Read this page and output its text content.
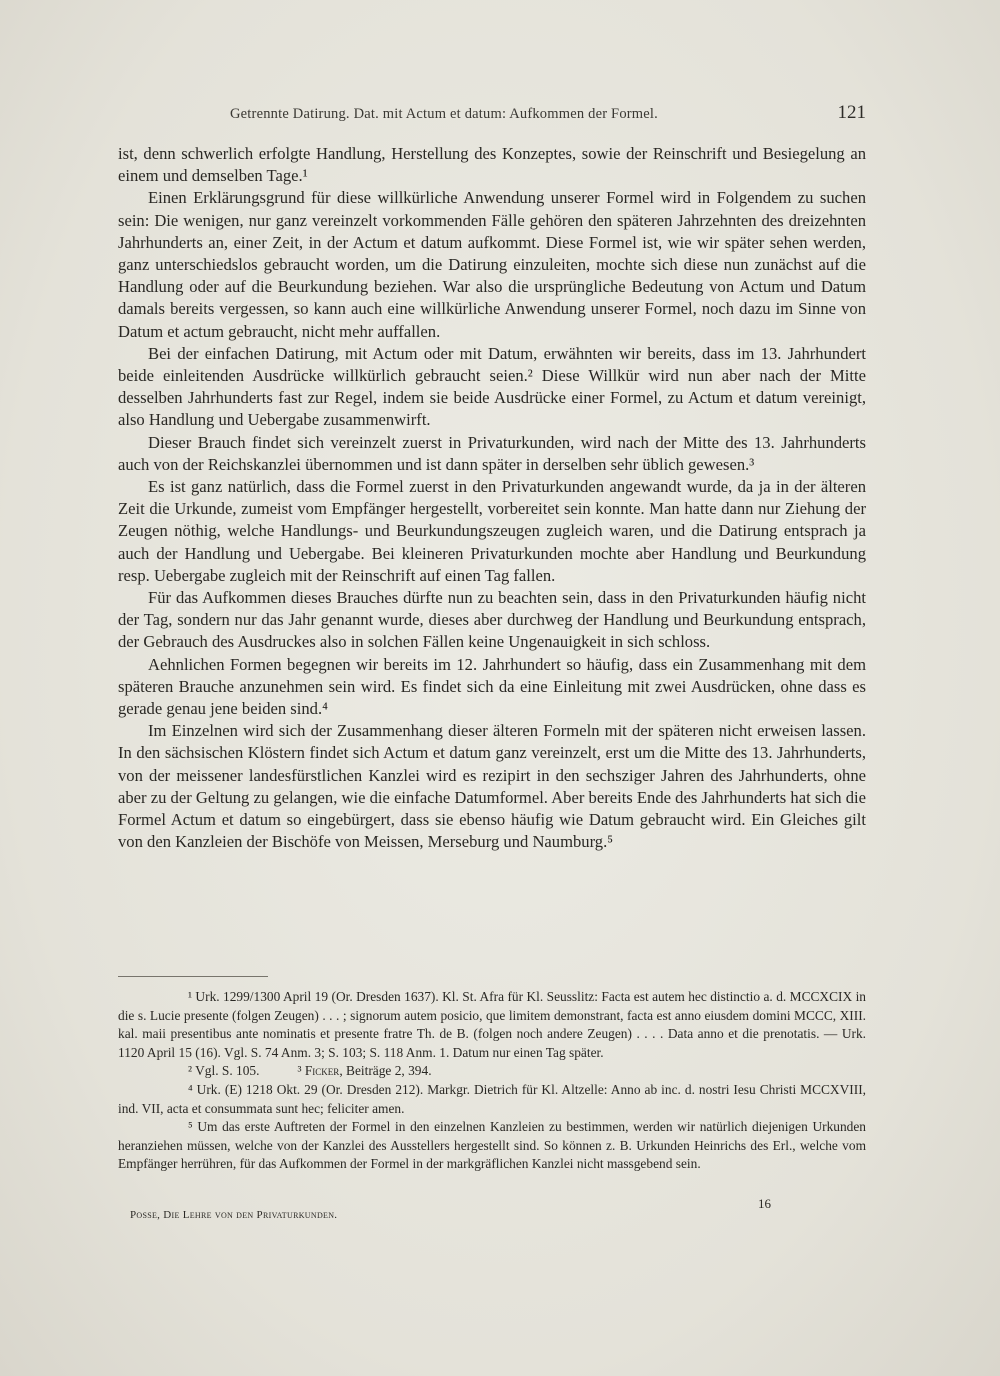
Getrennte Datirung. Dat. mit Actum et datum: Aufkommen der Formel.	121

ist, denn schwerlich erfolgte Handlung, Herstellung des Konzeptes, sowie der Reinschrift und Besiegelung an einem und demselben Tage.¹

Einen Erklärungsgrund für diese willkürliche Anwendung unserer Formel wird in Folgendem zu suchen sein: Die wenigen, nur ganz vereinzelt vorkommenden Fälle gehören den späteren Jahrzehnten des dreizehnten Jahrhunderts an, einer Zeit, in der Actum et datum aufkommt. Diese Formel ist, wie wir später sehen werden, ganz unterschiedslos gebraucht worden, um die Datirung einzuleiten, mochte sich diese nun zunächst auf die Handlung oder auf die Beurkundung beziehen. War also die ursprüngliche Bedeutung von Actum und Datum damals bereits vergessen, so kann auch eine willkürliche Anwendung unserer Formel, noch dazu im Sinne von Datum et actum gebraucht, nicht mehr auffallen.

Bei der einfachen Datirung, mit Actum oder mit Datum, erwähnten wir bereits, dass im 13. Jahrhundert beide einleitenden Ausdrücke willkürlich gebraucht seien.² Diese Willkür wird nun aber nach der Mitte desselben Jahrhunderts fast zur Regel, indem sie beide Ausdrücke einer Formel, zu Actum et datum vereinigt, also Handlung und Uebergabe zusammenwirft.

Dieser Brauch findet sich vereinzelt zuerst in Privaturkunden, wird nach der Mitte des 13. Jahrhunderts auch von der Reichskanzlei übernommen und ist dann später in derselben sehr üblich gewesen.³

Es ist ganz natürlich, dass die Formel zuerst in den Privaturkunden angewandt wurde, da ja in der älteren Zeit die Urkunde, zumeist vom Empfänger hergestellt, vorbereitet sein konnte. Man hatte dann nur Ziehung der Zeugen nöthig, welche Handlungs- und Beurkundungszeugen zugleich waren, und die Datirung entsprach ja auch der Handlung und Uebergabe. Bei kleineren Privaturkunden mochte aber Handlung und Beurkundung resp. Uebergabe zugleich mit der Reinschrift auf einen Tag fallen.

Für das Aufkommen dieses Brauches dürfte nun zu beachten sein, dass in den Privaturkunden häufig nicht der Tag, sondern nur das Jahr genannt wurde, dieses aber durchweg der Handlung und Beurkundung entsprach, der Gebrauch des Ausdruckes also in solchen Fällen keine Ungenauigkeit in sich schloss.

Aehnlichen Formen begegnen wir bereits im 12. Jahrhundert so häufig, dass ein Zusammenhang mit dem späteren Brauche anzunehmen sein wird. Es findet sich da eine Einleitung mit zwei Ausdrücken, ohne dass es gerade genau jene beiden sind.⁴

Im Einzelnen wird sich der Zusammenhang dieser älteren Formeln mit der späteren nicht erweisen lassen. In den sächsischen Klöstern findet sich Actum et datum ganz vereinzelt, erst um die Mitte des 13. Jahrhunderts, von der meissener landesfürstlichen Kanzlei wird es rezipirt in den sechsziger Jahren des Jahrhunderts, ohne aber zu der Geltung zu gelangen, wie die einfache Datumformel. Aber bereits Ende des Jahrhunderts hat sich die Formel Actum et datum so eingebürgert, dass sie ebenso häufig wie Datum gebraucht wird. Ein Gleiches gilt von den Kanzleien der Bischöfe von Meissen, Merseburg und Naumburg.⁵

¹ Urk. 1299/1300 April 19 (Or. Dresden 1637). Kl. St. Afra für Kl. Seusslitz: Facta est autem hec distinctio a. d. MCCXCIX in die s. Lucie presente (folgen Zeugen) . . . ; signorum autem posicio, que limitem demonstrant, facta est anno eiusdem domini MCCC, XIII. kal. maii presentibus ante nominatis et presente fratre Th. de B. (folgen noch andere Zeugen) . . . . Data anno et die prenotatis. — Urk. 1120 April 15 (16). Vgl. S. 74 Anm. 3; S. 103; S. 118 Anm. 1. Datum nur einen Tag später.

² Vgl. S. 105.	³ Ficker, Beiträge 2, 394.

⁴ Urk. (E) 1218 Okt. 29 (Or. Dresden 212). Markgr. Dietrich für Kl. Altzelle: Anno ab inc. d. nostri Iesu Christi MCCXVIII, ind. VII, acta et consummata sunt hec; feliciter amen.

⁵ Um das erste Auftreten der Formel in den einzelnen Kanzleien zu bestimmen, werden wir natürlich diejenigen Urkunden heranziehen müssen, welche von der Kanzlei des Ausstellers hergestellt sind. So können z. B. Urkunden Heinrichs des Erl., welche vom Empfänger herrühren, für das Aufkommen der Formel in der markgräflichen Kanzlei nicht massgebend sein.

Posse, Die Lehre von den Privaturkunden.
16
